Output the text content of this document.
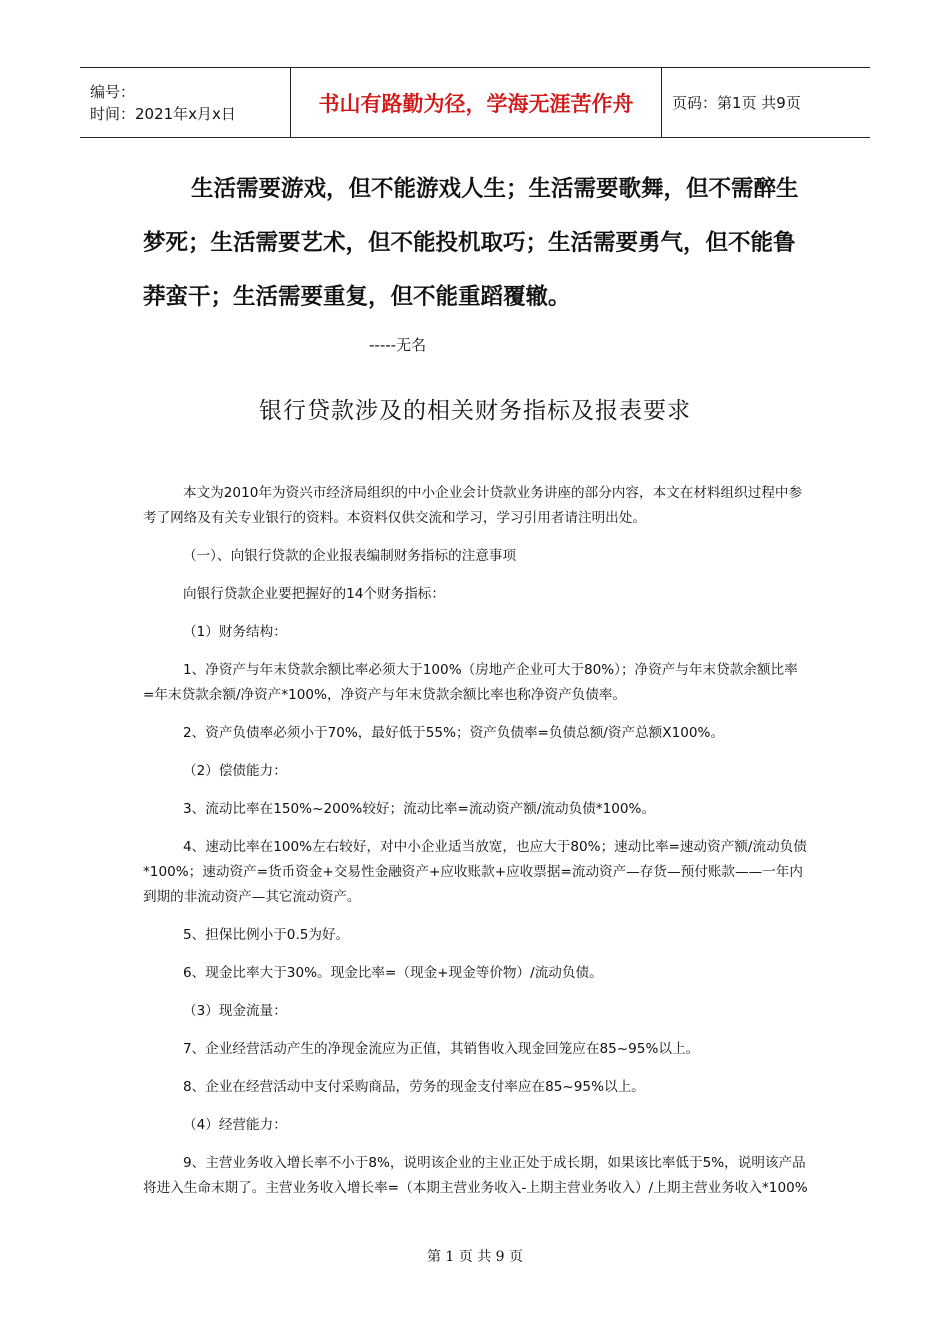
编号：
时间：2021年x月x日	书山有路勤为径，学海无涯苦作舟	页码：第1页 共9页
生活需要游戏，但不能游戏人生；生活需要歌舞，但不需醉生梦死；生活需要艺术，但不能投机取巧；生活需要勇气，但不能鲁莽蛮干；生活需要重复，但不能重蹈覆辙。
-----无名
银行贷款涉及的相关财务指标及报表要求

本文为2010年为资兴市经济局组织的中小企业会计贷款业务讲座的部分内容，本文在材料组织过程中参考了网络及有关专业银行的资料。本资料仅供交流和学习，学习引用者请注明出处。

（一）、向银行贷款的企业报表编制财务指标的注意事项

向银行贷款企业要把握好的14个财务指标：

（1）财务结构：

1、净资产与年末贷款余额比率必须大于100%（房地产企业可大于80%）；净资产与年末贷款余额比率=年末贷款余额/净资产*100%，净资产与年末贷款余额比率也称净资产负债率。

2、资产负债率必须小于70%，最好低于55%；资产负债率=负债总额/资产总额X100%。

（2）偿债能力：

3、流动比率在150%~200%较好；流动比率=流动资产额/流动负债*100%。

4、速动比率在100%左右较好，对中小企业适当放宽，也应大于80%；速动比率=速动资产额/流动负债*100%；速动资产=货币资金+交易性金融资产+应收账款+应收票据=流动资产—存货—预付账款——一年内到期的非流动资产—其它流动资产。

5、担保比例小于0.5为好。

6、现金比率大于30%。现金比率=（现金+现金等价物）/流动负债。

（3）现金流量：

7、企业经营活动产生的净现金流应为正值，其销售收入现金回笼应在85~95%以上。

8、企业在经营活动中支付采购商品，劳务的现金支付率应在85~95%以上。

（4）经营能力：

9、主营业务收入增长率不小于8%，说明该企业的主业正处于成长期，如果该比率低于5%，说明该产品将进入生命末期了。主营业务收入增长率=（本期主营业务收入-上期主营业务收入）/上期主营业务收入*100%

第 1 页 共 9 页
